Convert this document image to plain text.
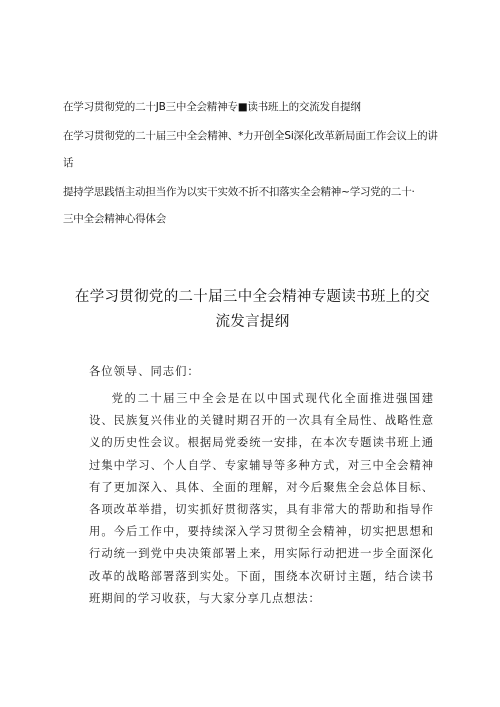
在学习贯彻党的二十JB三中全会精神专■读书班上的交流发自提纲
在学习贯彻党的二十届三中全会精神、*力开创全Si深化改革新局面工作会议上的讲
话
提持学思践悟主动担当作为以实干实效不折不扣落实全会精神~学习党的二十·
三中全会精神心得体会
在学习贯彻党的二十届三中全会精神专题读书班上的交
流发言提纲
各位领导、同志们：
党的二十届三中全会是在以中国式现代化全面推进强国建设、民族复兴伟业的关键时期召开的一次具有全局性、战略性意义的历史性会议。根据局党委统一安排，在本次专题读书班上通过集中学习、个人自学、专家辅导等多种方式，对三中全会精神有了更加深入、具体、全面的理解，对今后聚焦全会总体目标、各项改革举措，切实抓好贯彻落实，具有非常大的帮助和指导作用。今后工作中，要持续深入学习贯彻全会精神，切实把思想和行动统一到党中央决策部署上来，用实际行动把进一步全面深化改革的战略部署落到实处。下面，围绕本次研讨主题，结合读书班期间的学习收获，与大家分享几点想法：
